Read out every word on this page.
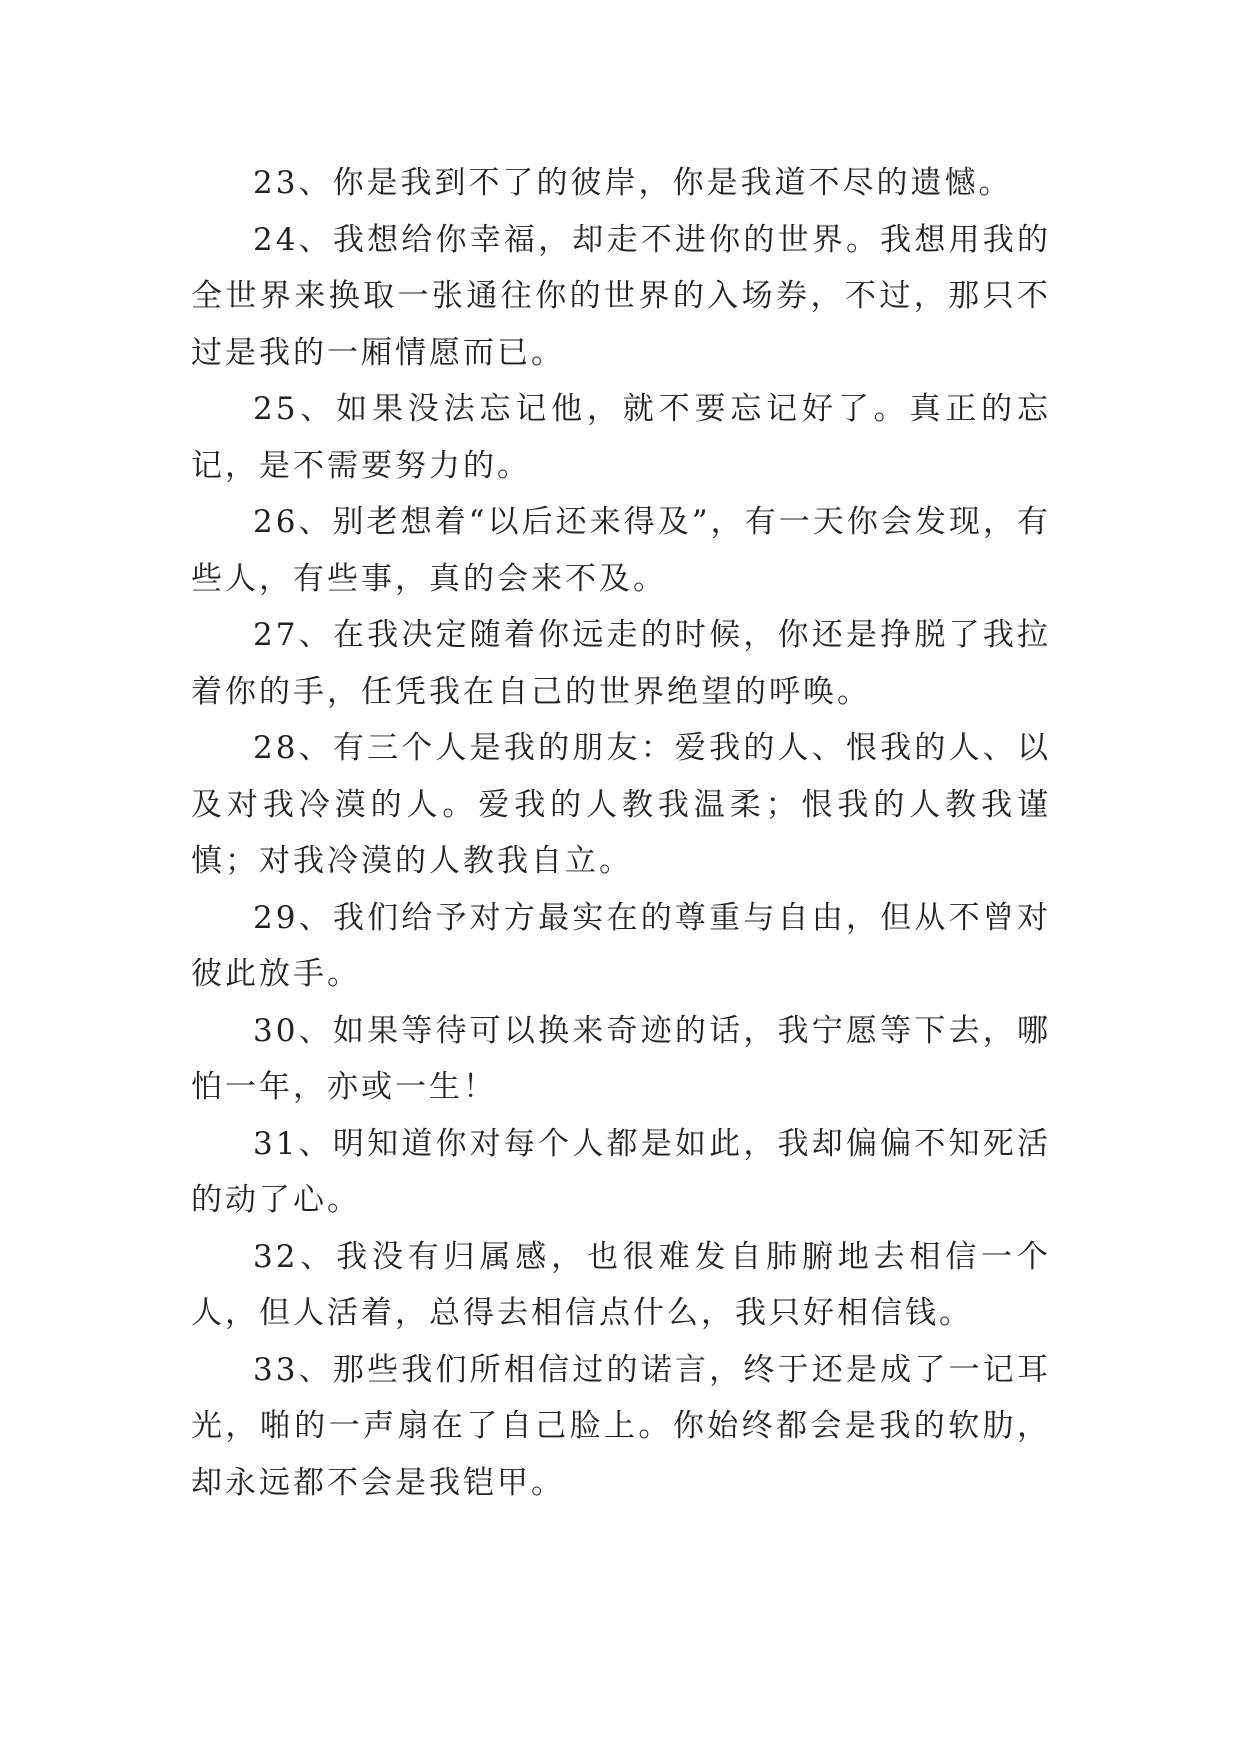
23、你是我到不了的彼岸，你是我道不尽的遗憾。

24、我想给你幸福，却走不进你的世界。我想用我的全世界来换取一张通往你的世界的入场券，不过，那只不过是我的一厢情愿而已。

25、如果没法忘记他，就不要忘记好了。真正的忘记，是不需要努力的。

26、别老想着“以后还来得及”，有一天你会发现，有些人，有些事，真的会来不及。

27、在我决定随着你远走的时候，你还是挣脱了我拉着你的手，任凭我在自己的世界绝望的呼唤。

28、有三个人是我的朋友：爱我的人、恨我的人、以及对我冷漠的人。爱我的人教我温柔；恨我的人教我谨慎；对我冷漠的人教我自立。

29、我们给予对方最实在的尊重与自由，但从不曾对彼此放手。

30、如果等待可以换来奇迹的话，我宁愿等下去，哪怕一年，亦或一生！

31、明知道你对每个人都是如此，我却偏偏不知死活的动了心。

32、我没有归属感，也很难发自肺腑地去相信一个人，但人活着，总得去相信点什么，我只好相信钱。

33、那些我们所相信过的诺言，终于还是成了一记耳光，啪的一声扇在了自己脸上。你始终都会是我的软肋，却永远都不会是我铠甲。
